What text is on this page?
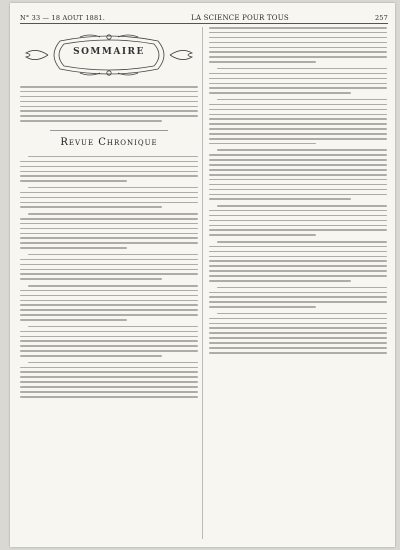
N° 33 — 18 AOUT 1881.	LA SCIENCE POUR TOUS	257
SOMMAIRE
Revue Chronique
